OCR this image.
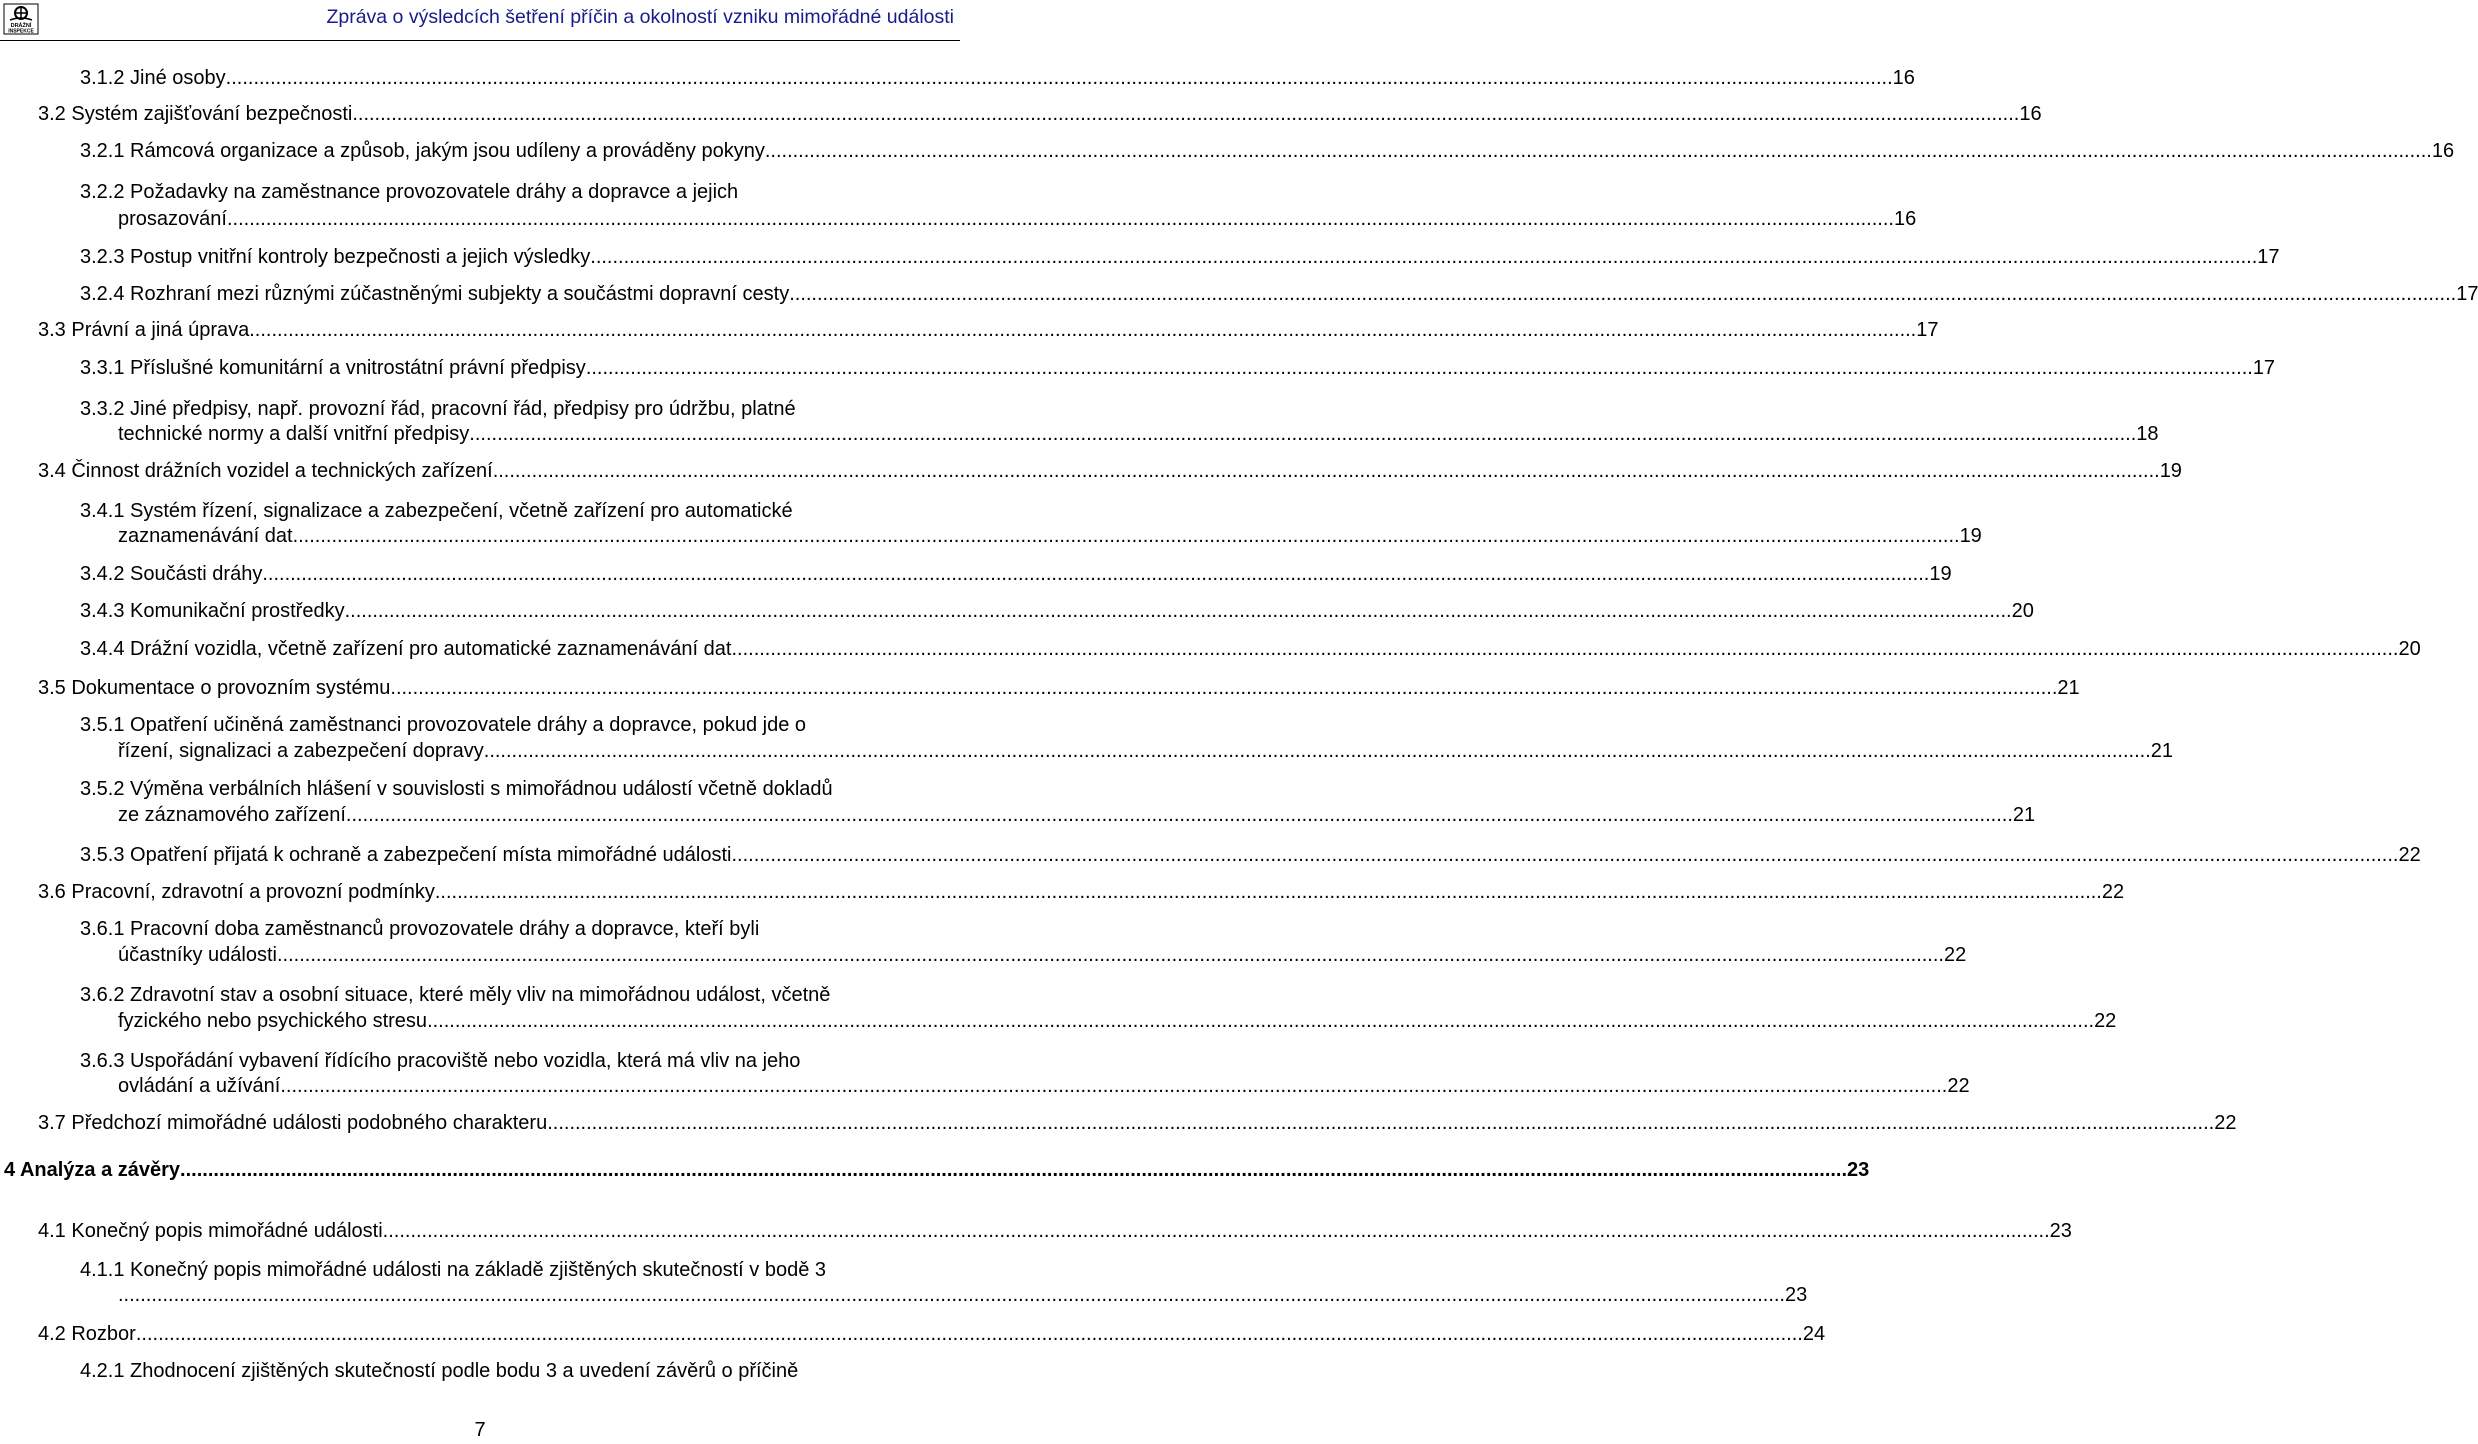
DRÁŽNÍ
INSPEKCE
Zpráva o výsledcích šetření příčin a okolností vzniku mimořádné události
3.1.2 Jiné osoby ............................................................................................................................................................................................................................................................................................................ 16
3.2 Systém zajišťování bezpečnosti ............................................................................................................................................................................................................................................................................................................ 16
3.2.1 Rámcová organizace a způsob, jakým jsou udíleny a prováděny pokyny ............................................................................................................................................................................................................................................................................................................ 16
3.2.2 Požadavky na zaměstnance provozovatele dráhy a dopravce a jejich
prosazování ............................................................................................................................................................................................................................................................................................................ 16
3.2.3 Postup vnitřní kontroly bezpečnosti a jejich výsledky ............................................................................................................................................................................................................................................................................................................ 17
3.2.4 Rozhraní mezi různými zúčastněnými subjekty a součástmi dopravní cesty ............................................................................................................................................................................................................................................................................................................ 17
3.3 Právní a jiná úprava ............................................................................................................................................................................................................................................................................................................ 17
3.3.1 Příslušné komunitární a vnitrostátní právní předpisy ............................................................................................................................................................................................................................................................................................................ 17
3.3.2 Jiné předpisy, např. provozní řád, pracovní řád, předpisy pro údržbu, platné
technické normy a další vnitřní předpisy ............................................................................................................................................................................................................................................................................................................ 18
3.4 Činnost drážních vozidel a technických zařízení ............................................................................................................................................................................................................................................................................................................ 19
3.4.1 Systém řízení, signalizace a zabezpečení, včetně zařízení pro automatické
zaznamenávání dat ............................................................................................................................................................................................................................................................................................................ 19
3.4.2 Součásti dráhy ............................................................................................................................................................................................................................................................................................................ 19
3.4.3 Komunikační prostředky ............................................................................................................................................................................................................................................................................................................ 20
3.4.4 Drážní vozidla, včetně zařízení pro automatické zaznamenávání dat ............................................................................................................................................................................................................................................................................................................ 20
3.5 Dokumentace o provozním systému ............................................................................................................................................................................................................................................................................................................ 21
3.5.1 Opatření učiněná zaměstnanci provozovatele dráhy a dopravce, pokud jde o
řízení, signalizaci a zabezpečení dopravy ............................................................................................................................................................................................................................................................................................................ 21
3.5.2 Výměna verbálních hlášení v souvislosti s mimořádnou událostí včetně dokladů
ze záznamového zařízení ............................................................................................................................................................................................................................................................................................................ 21
3.5.3 Opatření přijatá k ochraně a zabezpečení místa mimořádné události ............................................................................................................................................................................................................................................................................................................ 22
3.6 Pracovní, zdravotní a provozní podmínky ............................................................................................................................................................................................................................................................................................................ 22
3.6.1 Pracovní doba zaměstnanců provozovatele dráhy a dopravce, kteří byli
účastníky události ............................................................................................................................................................................................................................................................................................................ 22
3.6.2 Zdravotní stav a osobní situace, které měly vliv na mimořádnou událost, včetně
fyzického nebo psychického stresu ............................................................................................................................................................................................................................................................................................................ 22
3.6.3 Uspořádání vybavení řídícího pracoviště nebo vozidla, která má vliv na jeho
ovládání a užívání ............................................................................................................................................................................................................................................................................................................ 22
3.7 Předchozí mimořádné události podobného charakteru ............................................................................................................................................................................................................................................................................................................ 22
4 Analýza a závěry ............................................................................................................................................................................................................................................................................................................ 23
4.1 Konečný popis mimořádné události ............................................................................................................................................................................................................................................................................................................ 23
4.1.1 Konečný popis mimořádné události na základě zjištěných skutečností v bodě 3
............................................................................................................................................................................................................................................................................................................ 23
4.2 Rozbor ............................................................................................................................................................................................................................................................................................................ 24
4.2.1 Zhodnocení zjištěných skutečností podle bodu 3 a uvedení závěrů o příčině
7
